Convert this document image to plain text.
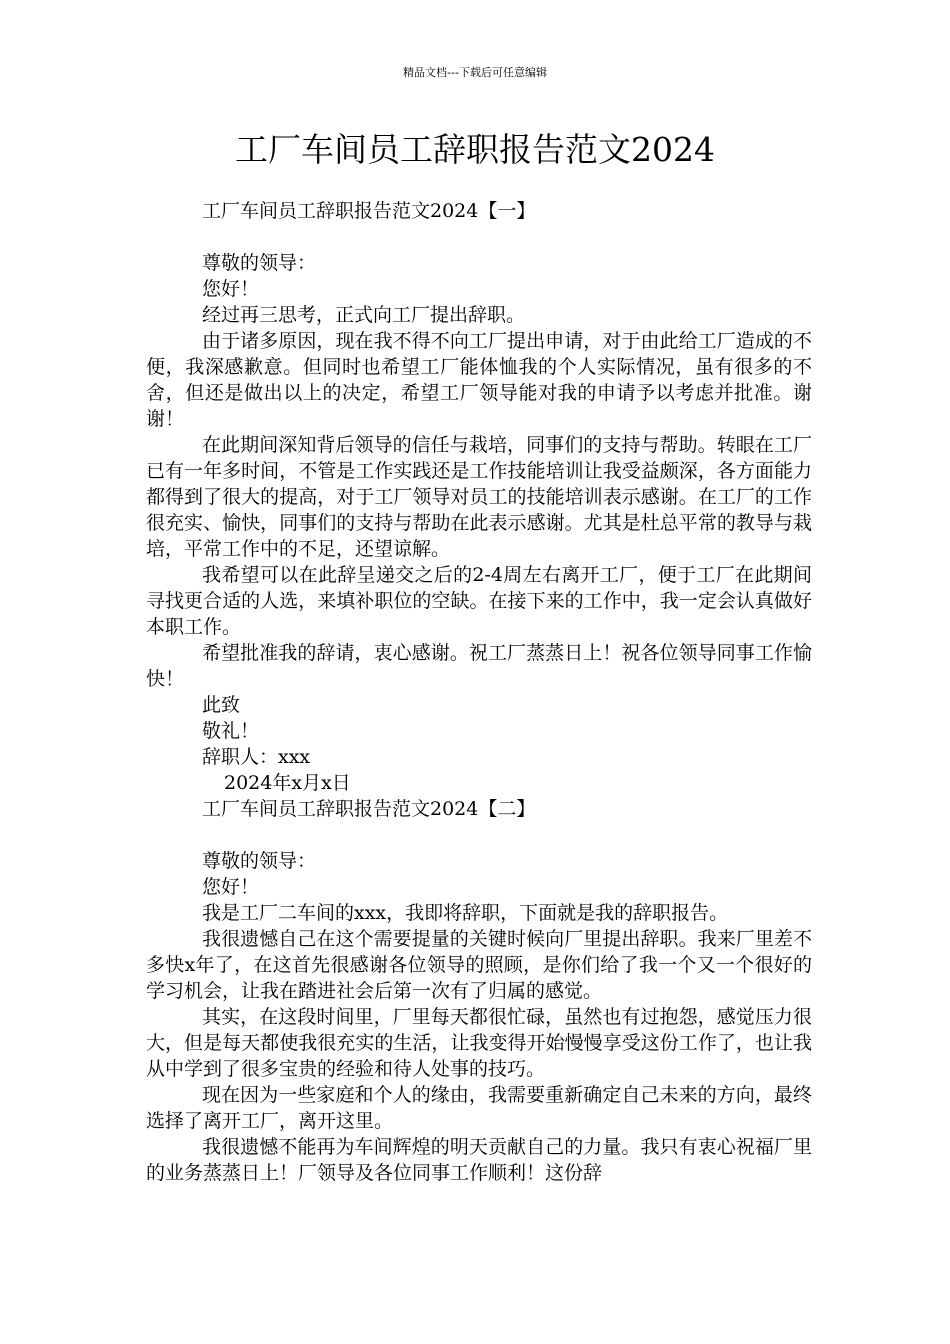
精品文档---下载后可任意编辑
工厂车间员工辞职报告范文2024

工厂车间员工辞职报告范文2024【一】

尊敬的领导：

您好！

经过再三思考，正式向工厂提出辞职。

由于诸多原因，现在我不得不向工厂提出申请，对于由此给工厂造成的不便，我深感歉意。但同时也希望工厂能体恤我的个人实际情况，虽有很多的不舍，但还是做出以上的决定，希望工厂领导能对我的申请予以考虑并批准。谢谢！

在此期间深知背后领导的信任与栽培，同事们的支持与帮助。转眼在工厂已有一年多时间，不管是工作实践还是工作技能培训让我受益颇深，各方面能力都得到了很大的提高，对于工厂领导对员工的技能培训表示感谢。在工厂的工作很充实、愉快，同事们的支持与帮助在此表示感谢。尤其是杜总平常的教导与栽培，平常工作中的不足，还望谅解。

我希望可以在此辞呈递交之后的2-4周左右离开工厂，便于工厂在此期间寻找更合适的人选，来填补职位的空缺。在接下来的工作中，我一定会认真做好本职工作。

希望批准我的辞请，衷心感谢。祝工厂蒸蒸日上！祝各位领导同事工作愉快！

此致

敬礼！

辞职人：xxx

2024年x月x日

工厂车间员工辞职报告范文2024【二】

尊敬的领导：

您好！

我是工厂二车间的xxx，我即将辞职，下面就是我的辞职报告。

我很遗憾自己在这个需要提量的关键时候向厂里提出辞职。我来厂里差不多快x年了，在这首先很感谢各位领导的照顾，是你们给了我一个又一个很好的学习机会，让我在踏进社会后第一次有了归属的感觉。

其实，在这段时间里，厂里每天都很忙碌，虽然也有过抱怨，感觉压力很大，但是每天都使我很充实的生活，让我变得开始慢慢享受这份工作了，也让我从中学到了很多宝贵的经验和待人处事的技巧。

现在因为一些家庭和个人的缘由，我需要重新确定自己未来的方向，最终选择了离开工厂，离开这里。

我很遗憾不能再为车间辉煌的明天贡献自己的力量。我只有衷心祝福厂里的业务蒸蒸日上！厂领导及各位同事工作顺利！这份辞
